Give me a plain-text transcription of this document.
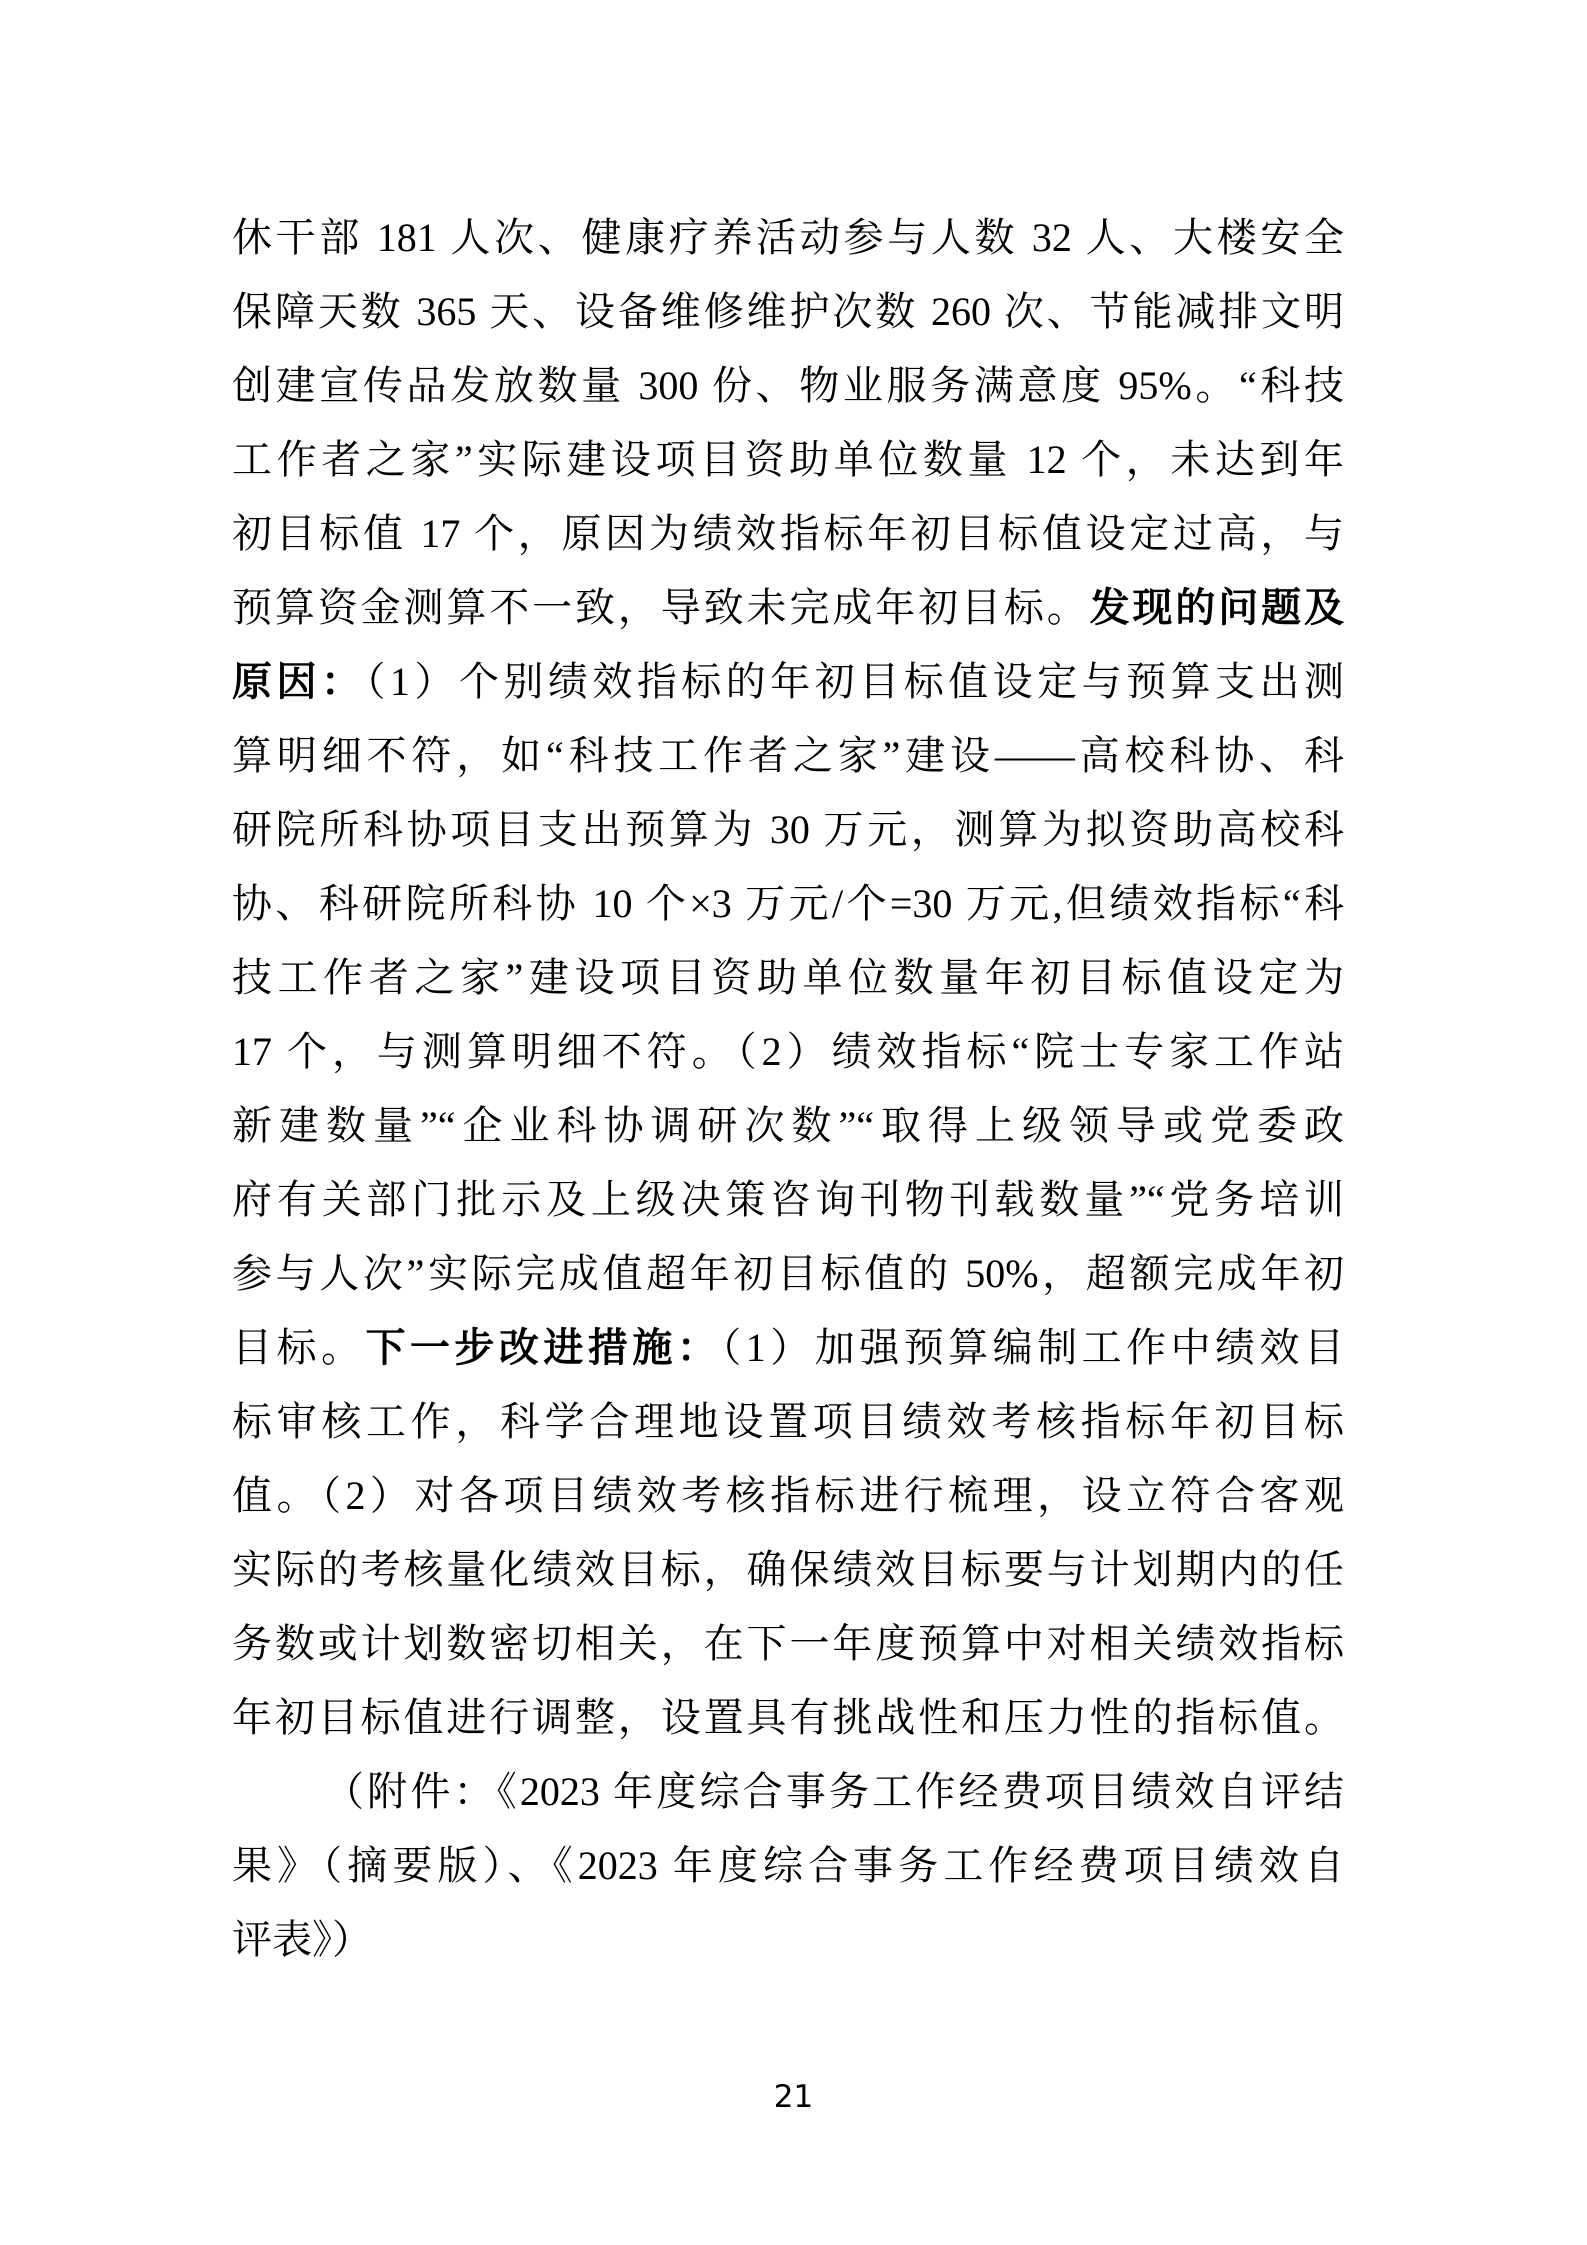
休干部 181 人次、健康疗养活动参与人数 32 人、大楼安全
保障天数 365 天、设备维修维护次数 260 次、节能减排文明
创建宣传品发放数量 300 份、物业服务满意度 95%。“科技
工作者之家”实际建设项目资助单位数量 12 个，未达到年
初目标值 17 个，原因为绩效指标年初目标值设定过高，与
预算资金测算不一致，导致未完成年初目标。发现的问题及
原因：（1）个别绩效指标的年初目标值设定与预算支出测
算明细不符，如“科技工作者之家”建设——高校科协、科
研院所科协项目支出预算为 30 万元，测算为拟资助高校科
协、科研院所科协 10 个×3 万元/个=30 万元,但绩效指标“科
技工作者之家”建设项目资助单位数量年初目标值设定为
17 个，与测算明细不符。（2）绩效指标“院士专家工作站
新建数量”“企业科协调研次数”“取得上级领导或党委政
府有关部门批示及上级决策咨询刊物刊载数量”“党务培训
参与人次”实际完成值超年初目标值的 50%，超额完成年初
目标。下一步改进措施：（1）加强预算编制工作中绩效目
标审核工作，科学合理地设置项目绩效考核指标年初目标
值。（2）对各项目绩效考核指标进行梳理，设立符合客观
实际的考核量化绩效目标，确保绩效目标要与计划期内的任
务数或计划数密切相关，在下一年度预算中对相关绩效指标
年初目标值进行调整，设置具有挑战性和压力性的指标值。
（附件：《2023 年度综合事务工作经费项目绩效自评结
果》（摘要版）、《2023 年度综合事务工作经费项目绩效自
评表》）
21
